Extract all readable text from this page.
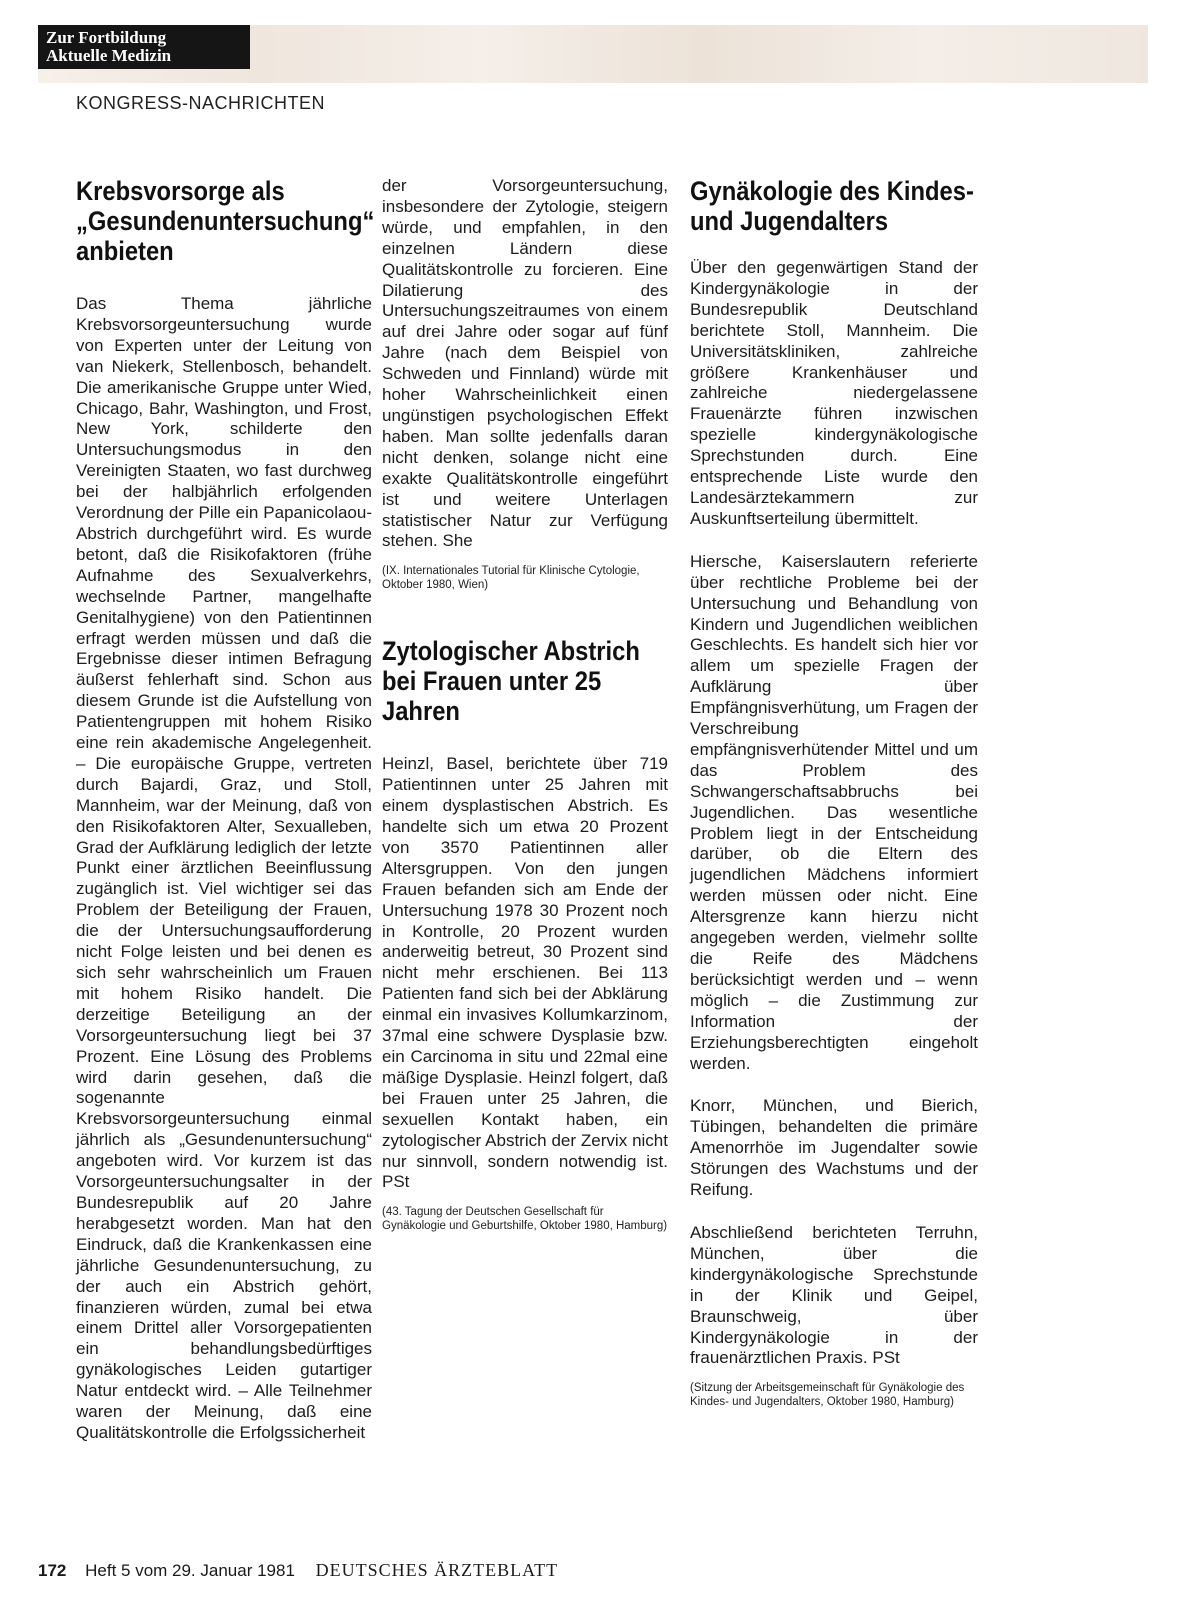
Zur Fortbildung
Aktuelle Medizin
KONGRESS-NACHRICHTEN
Krebsvorsorge als „Gesundenuntersuchung“ anbieten

Das Thema jährliche Krebsvorsorgeuntersuchung wurde von Experten unter der Leitung von van Niekerk, Stellenbosch, behandelt. Die amerikanische Gruppe unter Wied, Chicago, Bahr, Washington, und Frost, New York, schilderte den Untersuchungsmodus in den Vereinigten Staaten, wo fast durchweg bei der halbjährlich erfolgenden Verordnung der Pille ein Papanicolaou-Abstrich durchgeführt wird. Es wurde betont, daß die Risikofaktoren (frühe Aufnahme des Sexualverkehrs, wechselnde Partner, mangelhafte Genitalhygiene) von den Patientinnen erfragt werden müssen und daß die Ergebnisse dieser intimen Befragung äußerst fehlerhaft sind. Schon aus diesem Grunde ist die Aufstellung von Patientengruppen mit hohem Risiko eine rein akademische Angelegenheit. – Die europäische Gruppe, vertreten durch Bajardi, Graz, und Stoll, Mannheim, war der Meinung, daß von den Risikofaktoren Alter, Sexualleben, Grad der Aufklärung lediglich der letzte Punkt einer ärztlichen Beeinflussung zugänglich ist. Viel wichtiger sei das Problem der Beteiligung der Frauen, die der Untersuchungsaufforderung nicht Folge leisten und bei denen es sich sehr wahrscheinlich um Frauen mit hohem Risiko handelt. Die derzeitige Beteiligung an der Vorsorgeuntersuchung liegt bei 37 Prozent. Eine Lösung des Problems wird darin gesehen, daß die sogenannte Krebsvorsorgeuntersuchung einmal jährlich als „Gesundenuntersuchung“ angeboten wird. Vor kurzem ist das Vorsorgeuntersuchungsalter in der Bundesrepublik auf 20 Jahre herabgesetzt worden. Man hat den Eindruck, daß die Krankenkassen eine jährliche Gesundenuntersuchung, zu der auch ein Abstrich gehört, finanzieren würden, zumal bei etwa einem Drittel aller Vorsorgepatienten ein behandlungsbedürftiges gynäkologisches Leiden gutartiger Natur entdeckt wird. – Alle Teilnehmer waren der Meinung, daß eine Qualitätskontrolle die Erfolgssicherheit

der Vorsorgeuntersuchung, insbesondere der Zytologie, steigern würde, und empfahlen, in den einzelnen Ländern diese Qualitätskontrolle zu forcieren. Eine Dilatierung des Untersuchungszeitraumes von einem auf drei Jahre oder sogar auf fünf Jahre (nach dem Beispiel von Schweden und Finnland) würde mit hoher Wahrscheinlichkeit einen ungünstigen psychologischen Effekt haben. Man sollte jedenfalls daran nicht denken, solange nicht eine exakte Qualitätskontrolle eingeführt ist und weitere Unterlagen statistischer Natur zur Verfügung stehen. She

(IX. Internationales Tutorial für Klinische Cytologie, Oktober 1980, Wien)

Zytologischer Abstrich bei Frauen unter 25 Jahren

Heinzl, Basel, berichtete über 719 Patientinnen unter 25 Jahren mit einem dysplastischen Abstrich. Es handelte sich um etwa 20 Prozent von 3570 Patientinnen aller Altersgruppen. Von den jungen Frauen befanden sich am Ende der Untersuchung 1978 30 Prozent noch in Kontrolle, 20 Prozent wurden anderweitig betreut, 30 Prozent sind nicht mehr erschienen. Bei 113 Patienten fand sich bei der Abklärung einmal ein invasives Kollumkarzinom, 37mal eine schwere Dysplasie bzw. ein Carcinoma in situ und 22mal eine mäßige Dysplasie. Heinzl folgert, daß bei Frauen unter 25 Jahren, die sexuellen Kontakt haben, ein zytologischer Abstrich der Zervix nicht nur sinnvoll, sondern notwendig ist. PSt

(43. Tagung der Deutschen Gesellschaft für Gynäkologie und Geburtshilfe, Oktober 1980, Hamburg)

Gynäkologie des Kindes- und Jugendalters

Über den gegenwärtigen Stand der Kindergynäkologie in der Bundesrepublik Deutschland berichtete Stoll, Mannheim. Die Universitätskliniken, zahlreiche größere Krankenhäuser und zahlreiche niedergelassene Frauenärzte führen inzwischen spezielle kindergynäkologische Sprechstunden durch. Eine entsprechende Liste wurde den Landesärztekammern zur Auskunftserteilung übermittelt.

Hiersche, Kaiserslautern referierte über rechtliche Probleme bei der Untersuchung und Behandlung von Kindern und Jugendlichen weiblichen Geschlechts. Es handelt sich hier vor allem um spezielle Fragen der Aufklärung über Empfängnisverhütung, um Fragen der Verschreibung empfängnisverhütender Mittel und um das Problem des Schwangerschaftsabbruchs bei Jugendlichen. Das wesentliche Problem liegt in der Entscheidung darüber, ob die Eltern des jugendlichen Mädchens informiert werden müssen oder nicht. Eine Altersgrenze kann hierzu nicht angegeben werden, vielmehr sollte die Reife des Mädchens berücksichtigt werden und – wenn möglich – die Zustimmung zur Information der Erziehungsberechtigten eingeholt werden.

Knorr, München, und Bierich, Tübingen, behandelten die primäre Amenorrhöe im Jugendalter sowie Störungen des Wachstums und der Reifung.

Abschließend berichteten Terruhn, München, über die kindergynäkologische Sprechstunde in der Klinik und Geipel, Braunschweig, über Kindergynäkologie in der frauenärztlichen Praxis. PSt

(Sitzung der Arbeitsgemeinschaft für Gynäkologie des Kindes- und Jugendalters, Oktober 1980, Hamburg)

172 Heft 5 vom 29. Januar 1981 DEUTSCHES ÄRZTEBLATT
